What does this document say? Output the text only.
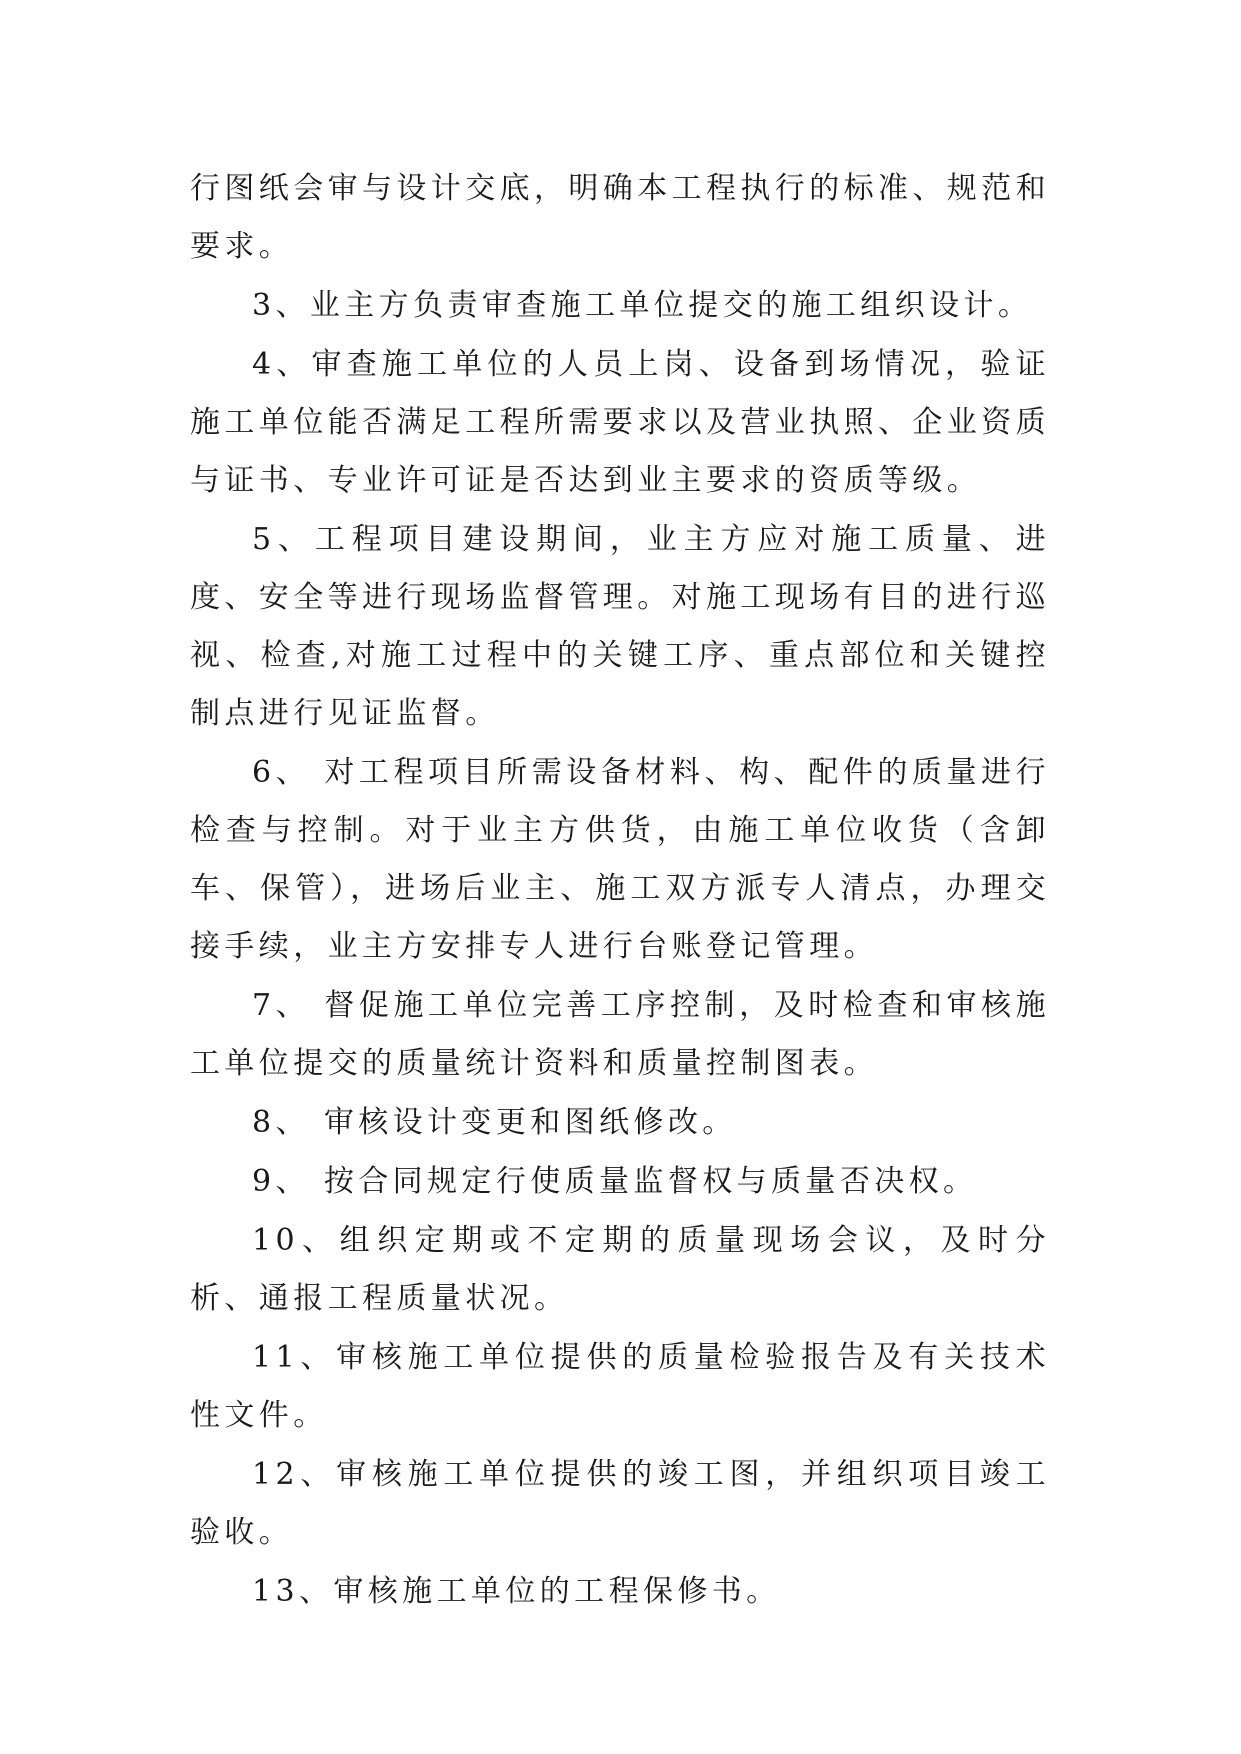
行图纸会审与设计交底，明确本工程执行的标准、规范和要求。

3、业主方负责审查施工单位提交的施工组织设计。

4、审查施工单位的人员上岗、设备到场情况，验证施工单位能否满足工程所需要求以及营业执照、企业资质与证书、专业许可证是否达到业主要求的资质等级。

5、工程项目建设期间，业主方应对施工质量、进度、安全等进行现场监督管理。对施工现场有目的进行巡视、检查,对施工过程中的关键工序、重点部位和关键控制点进行见证监督。

6、 对工程项目所需设备材料、构、配件的质量进行检查与控制。对于业主方供货，由施工单位收货（含卸车、保管），进场后业主、施工双方派专人清点，办理交接手续，业主方安排专人进行台账登记管理。

7、 督促施工单位完善工序控制，及时检查和审核施工单位提交的质量统计资料和质量控制图表。

8、 审核设计变更和图纸修改。

9、 按合同规定行使质量监督权与质量否决权。

10、组织定期或不定期的质量现场会议，及时分析、通报工程质量状况。

11、审核施工单位提供的质量检验报告及有关技术性文件。

12、审核施工单位提供的竣工图，并组织项目竣工验收。

13、审核施工单位的工程保修书。
